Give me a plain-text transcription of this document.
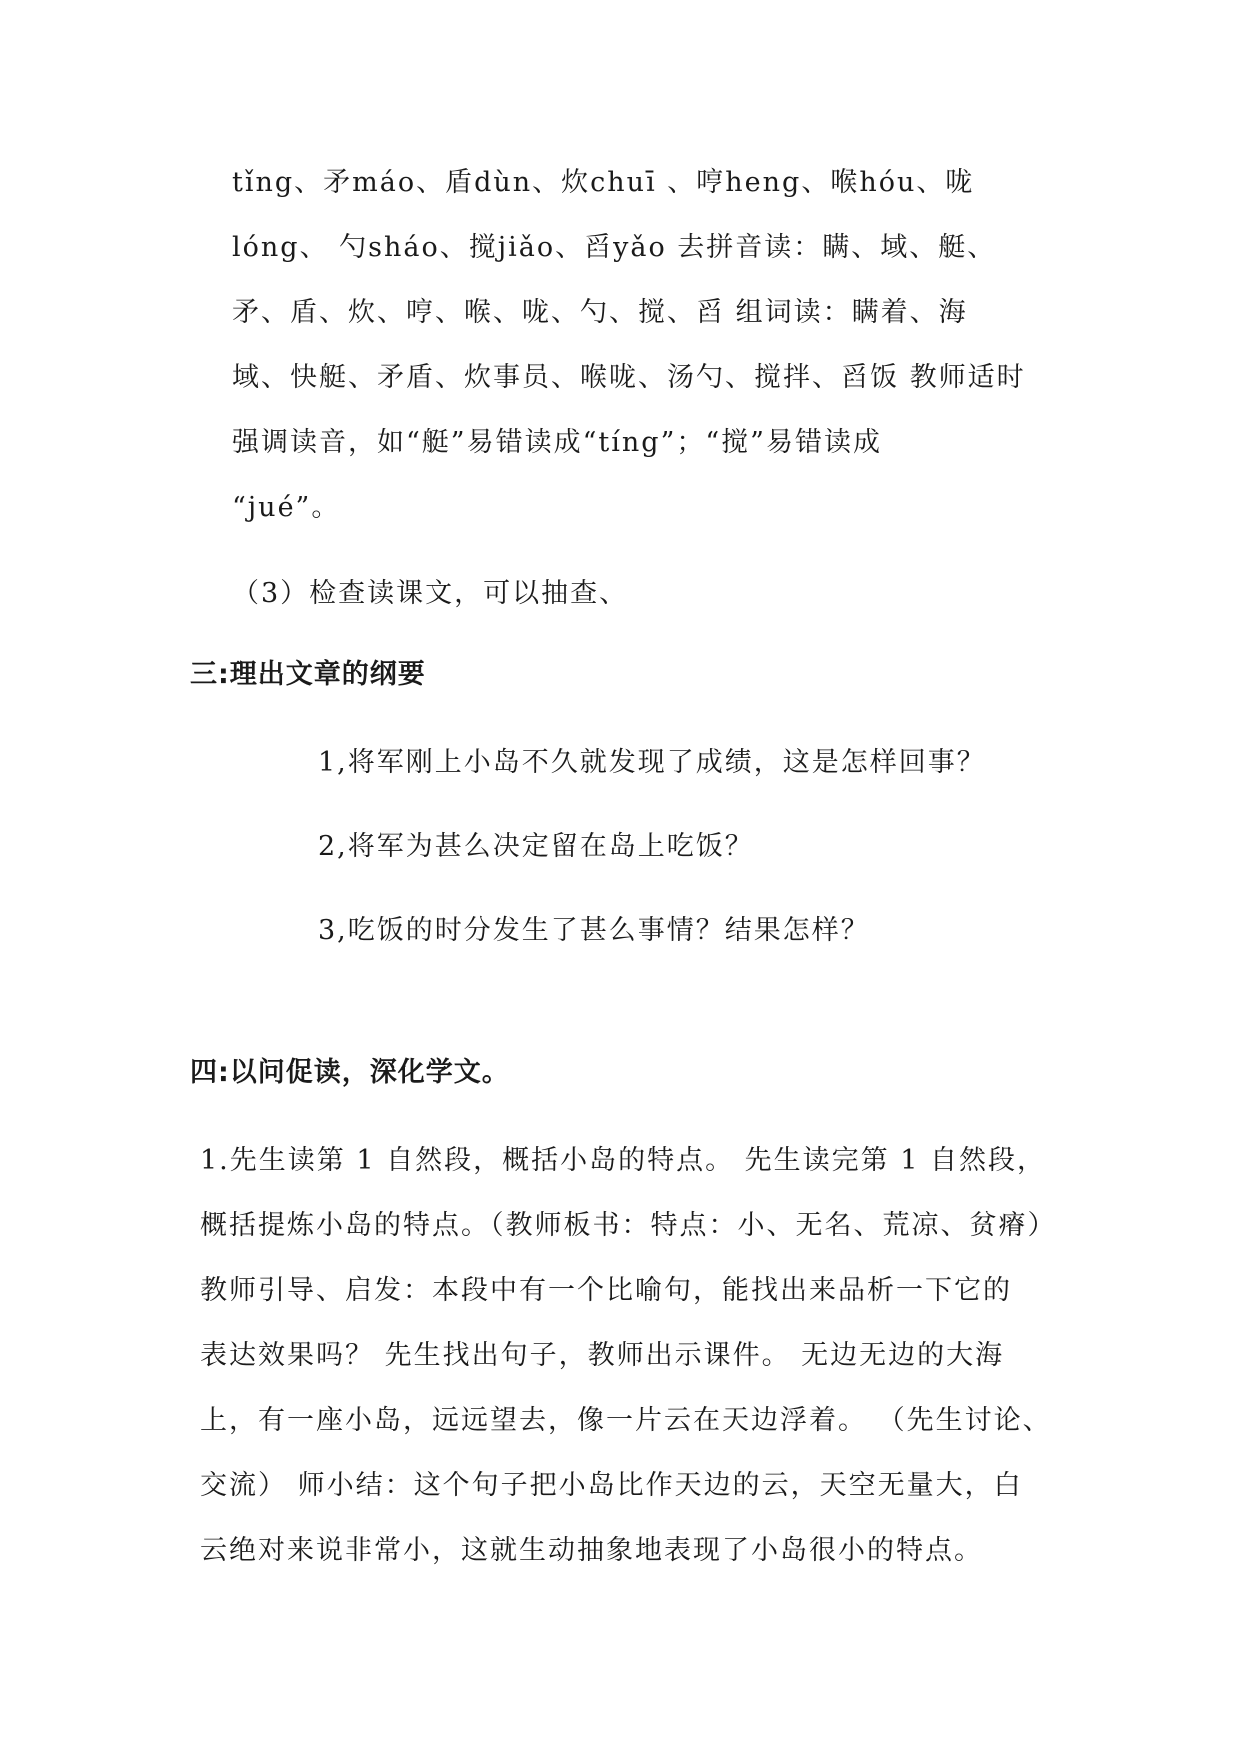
tǐng、矛máo、盾dùn、炊chuī 、哼heng、喉hóu、咙
lóng、 勺sháo、搅jiǎo、舀yǎo 去拼音读：瞒、域、艇、
矛、盾、炊、哼、喉、咙、勺、搅、舀 组词读：瞒着、海
域、快艇、矛盾、炊事员、喉咙、汤勺、搅拌、舀饭 教师适时
强调读音，如“艇”易错读成“tíng”；“搅”易错读成
“jué”。
（3）检查读课文，可以抽查、
三:理出文章的纲要
1,将军刚上小岛不久就发现了成绩，这是怎样回事？
2,将军为甚么决定留在岛上吃饭？
3,吃饭的时分发生了甚么事情？结果怎样？
四:以问促读，深化学文。
1.先生读第 1 自然段，概括小岛的特点。 先生读完第 1 自然段，
概括提炼小岛的特点。（教师板书：特点：小、无名、荒凉、贫瘠）
教师引导、启发：本段中有一个比喻句，能找出来品析一下它的
表达效果吗？ 先生找出句子，教师出示课件。 无边无边的大海
上，有一座小岛，远远望去，像一片云在天边浮着。 （先生讨论、
交流） 师小结：这个句子把小岛比作天边的云，天空无量大，白
云绝对来说非常小，这就生动抽象地表现了小岛很小的特点。
